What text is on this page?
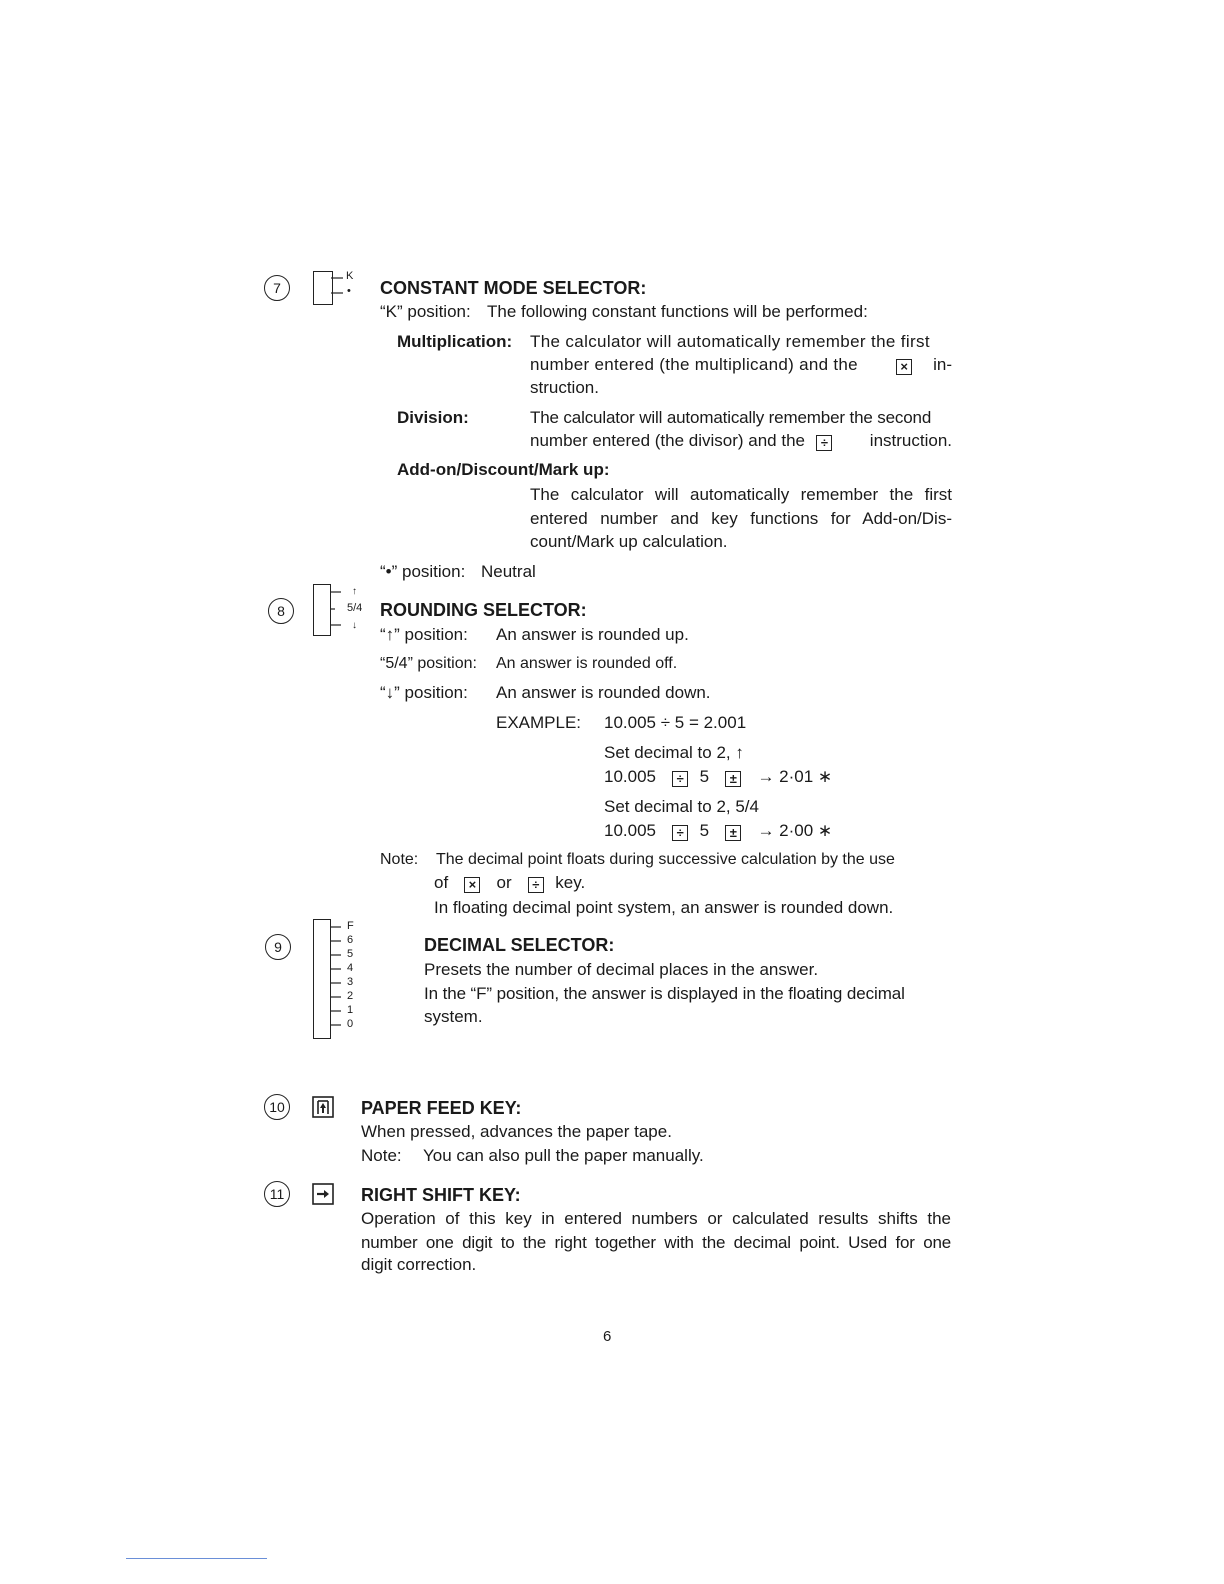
7
K
• CONSTANT MODE SELECTOR:
“K” position: The following constant functions will be performed:
Multiplication: The calculator will automatically remember the first
number entered (the multiplicand) and the	× in-
struction.
Division:	The calculator will automatically remember the second
number entered (the divisor) and the ÷	instruction.
Add-on/Discount/Mark up:
The calculator will automatically remember the first
entered number and key functions for Add-on/Dis-
count/Mark up calculation.
“•” position: Neutral
8
↑
5/4
↓
ROUNDING SELECTOR:
“↑” position: An answer is rounded up.
“5/4” position: An answer is rounded off.
“↓” position: An answer is rounded down.
EXAMPLE: 10.005 ÷ 5 = 2.001
Set decimal to 2, ↑
10.005 ÷ 5 ± → 2·01 ∗
Set decimal to 2, 5/4
10.005 ÷ 5 ± → 2·00 ∗
Note: The decimal point floats during successive calculation by the use
of × or ÷ key.
In floating decimal point system, an answer is rounded down.
9
F
6
5
4
3
2
1
0
DECIMAL SELECTOR:
Presets the number of decimal places in the answer.
In the “F” position, the answer is displayed in the floating decimal
system.
10	PAPER FEED KEY:
When pressed, advances the paper tape.
Note: You can also pull the paper manually.
11	RIGHT SHIFT KEY:
Operation of this key in entered numbers or calculated results shifts the
number one digit to the right together with the decimal point. Used for one
digit correction.
6
